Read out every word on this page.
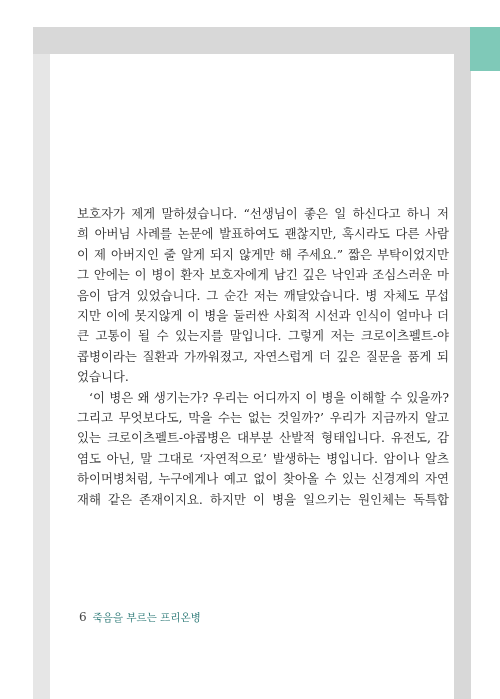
보호자가 제게 말하셨습니다. “선생님이 좋은 일 하신다고 하니 저
희 아버님 사례를 논문에 발표하여도 괜찮지만, 혹시라도 다른 사람
이 제 아버지인 줄 알게 되지 않게만 해 주세요.” 짧은 부탁이었지만
그 안에는 이 병이 환자 보호자에게 남긴 깊은 낙인과 조심스러운 마
음이 담겨 있었습니다. 그 순간 저는 깨달았습니다. 병 자체도 무섭
지만 이에 못지않게 이 병을 둘러싼 사회적 시선과 인식이 얼마나 더
큰 고통이 될 수 있는지를 말입니다. 그렇게 저는 크로이츠펠트-야
콥병이라는 질환과 가까워졌고, 자연스럽게 더 깊은 질문을 품게 되
었습니다.
‘이 병은 왜 생기는가? 우리는 어디까지 이 병을 이해할 수 있을까?
그리고 무엇보다도, 막을 수는 없는 것일까?’ 우리가 지금까지 알고
있는 크로이츠펠트-야콥병은 대부분 산발적 형태입니다. 유전도, 감
염도 아닌, 말 그대로 ‘자연적으로’ 발생하는 병입니다. 암이나 알츠
하이머병처럼, 누구에게나 예고 없이 찾아올 수 있는 신경계의 자연
재해 같은 존재이지요. 하지만 이 병을 일으키는 원인체는 독특합
6 죽음을 부르는 프리온병
